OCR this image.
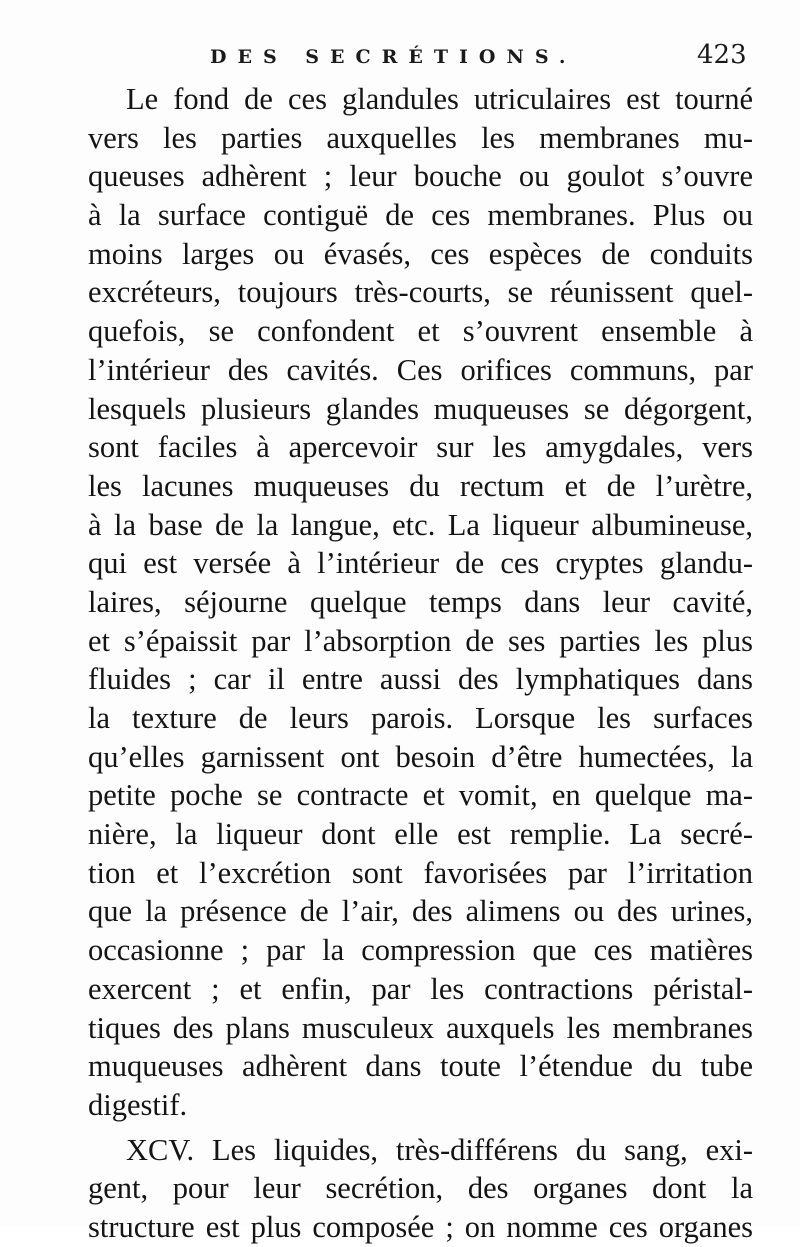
DES SECRÉTIONS.	423
Le fond de ces glandules utriculaires est tourné
vers les parties auxquelles les membranes mu-
queuses adhèrent ; leur bouche ou goulot s’ouvre
à la surface contiguë de ces membranes. Plus ou
moins larges ou évasés, ces espèces de conduits
excréteurs, toujours très-courts, se réunissent quel-
quefois, se confondent et s’ouvrent ensemble à
l’intérieur des cavités. Ces orifices communs, par
lesquels plusieurs glandes muqueuses se dégorgent,
sont faciles à apercevoir sur les amygdales, vers
les lacunes muqueuses du rectum et de l’urètre,
à la base de la langue, etc. La liqueur albumineuse,
qui est versée à l’intérieur de ces cryptes glandu-
laires, séjourne quelque temps dans leur cavité,
et s’épaissit par l’absorption de ses parties les plus
fluides ; car il entre aussi des lymphatiques dans
la texture de leurs parois. Lorsque les surfaces
qu’elles garnissent ont besoin d’être humectées, la
petite poche se contracte et vomit, en quelque ma-
nière, la liqueur dont elle est remplie. La secré-
tion et l’excrétion sont favorisées par l’irritation
que la présence de l’air, des alimens ou des urines,
occasionne ; par la compression que ces matières
exercent ; et enfin, par les contractions péristal-
tiques des plans musculeux auxquels les membranes
muqueuses adhèrent dans toute l’étendue du tube
digestif.
XCV. Les liquides, très-différens du sang, exi-
gent, pour leur secrétion, des organes dont la
structure est plus composée ; on nomme ces organes
